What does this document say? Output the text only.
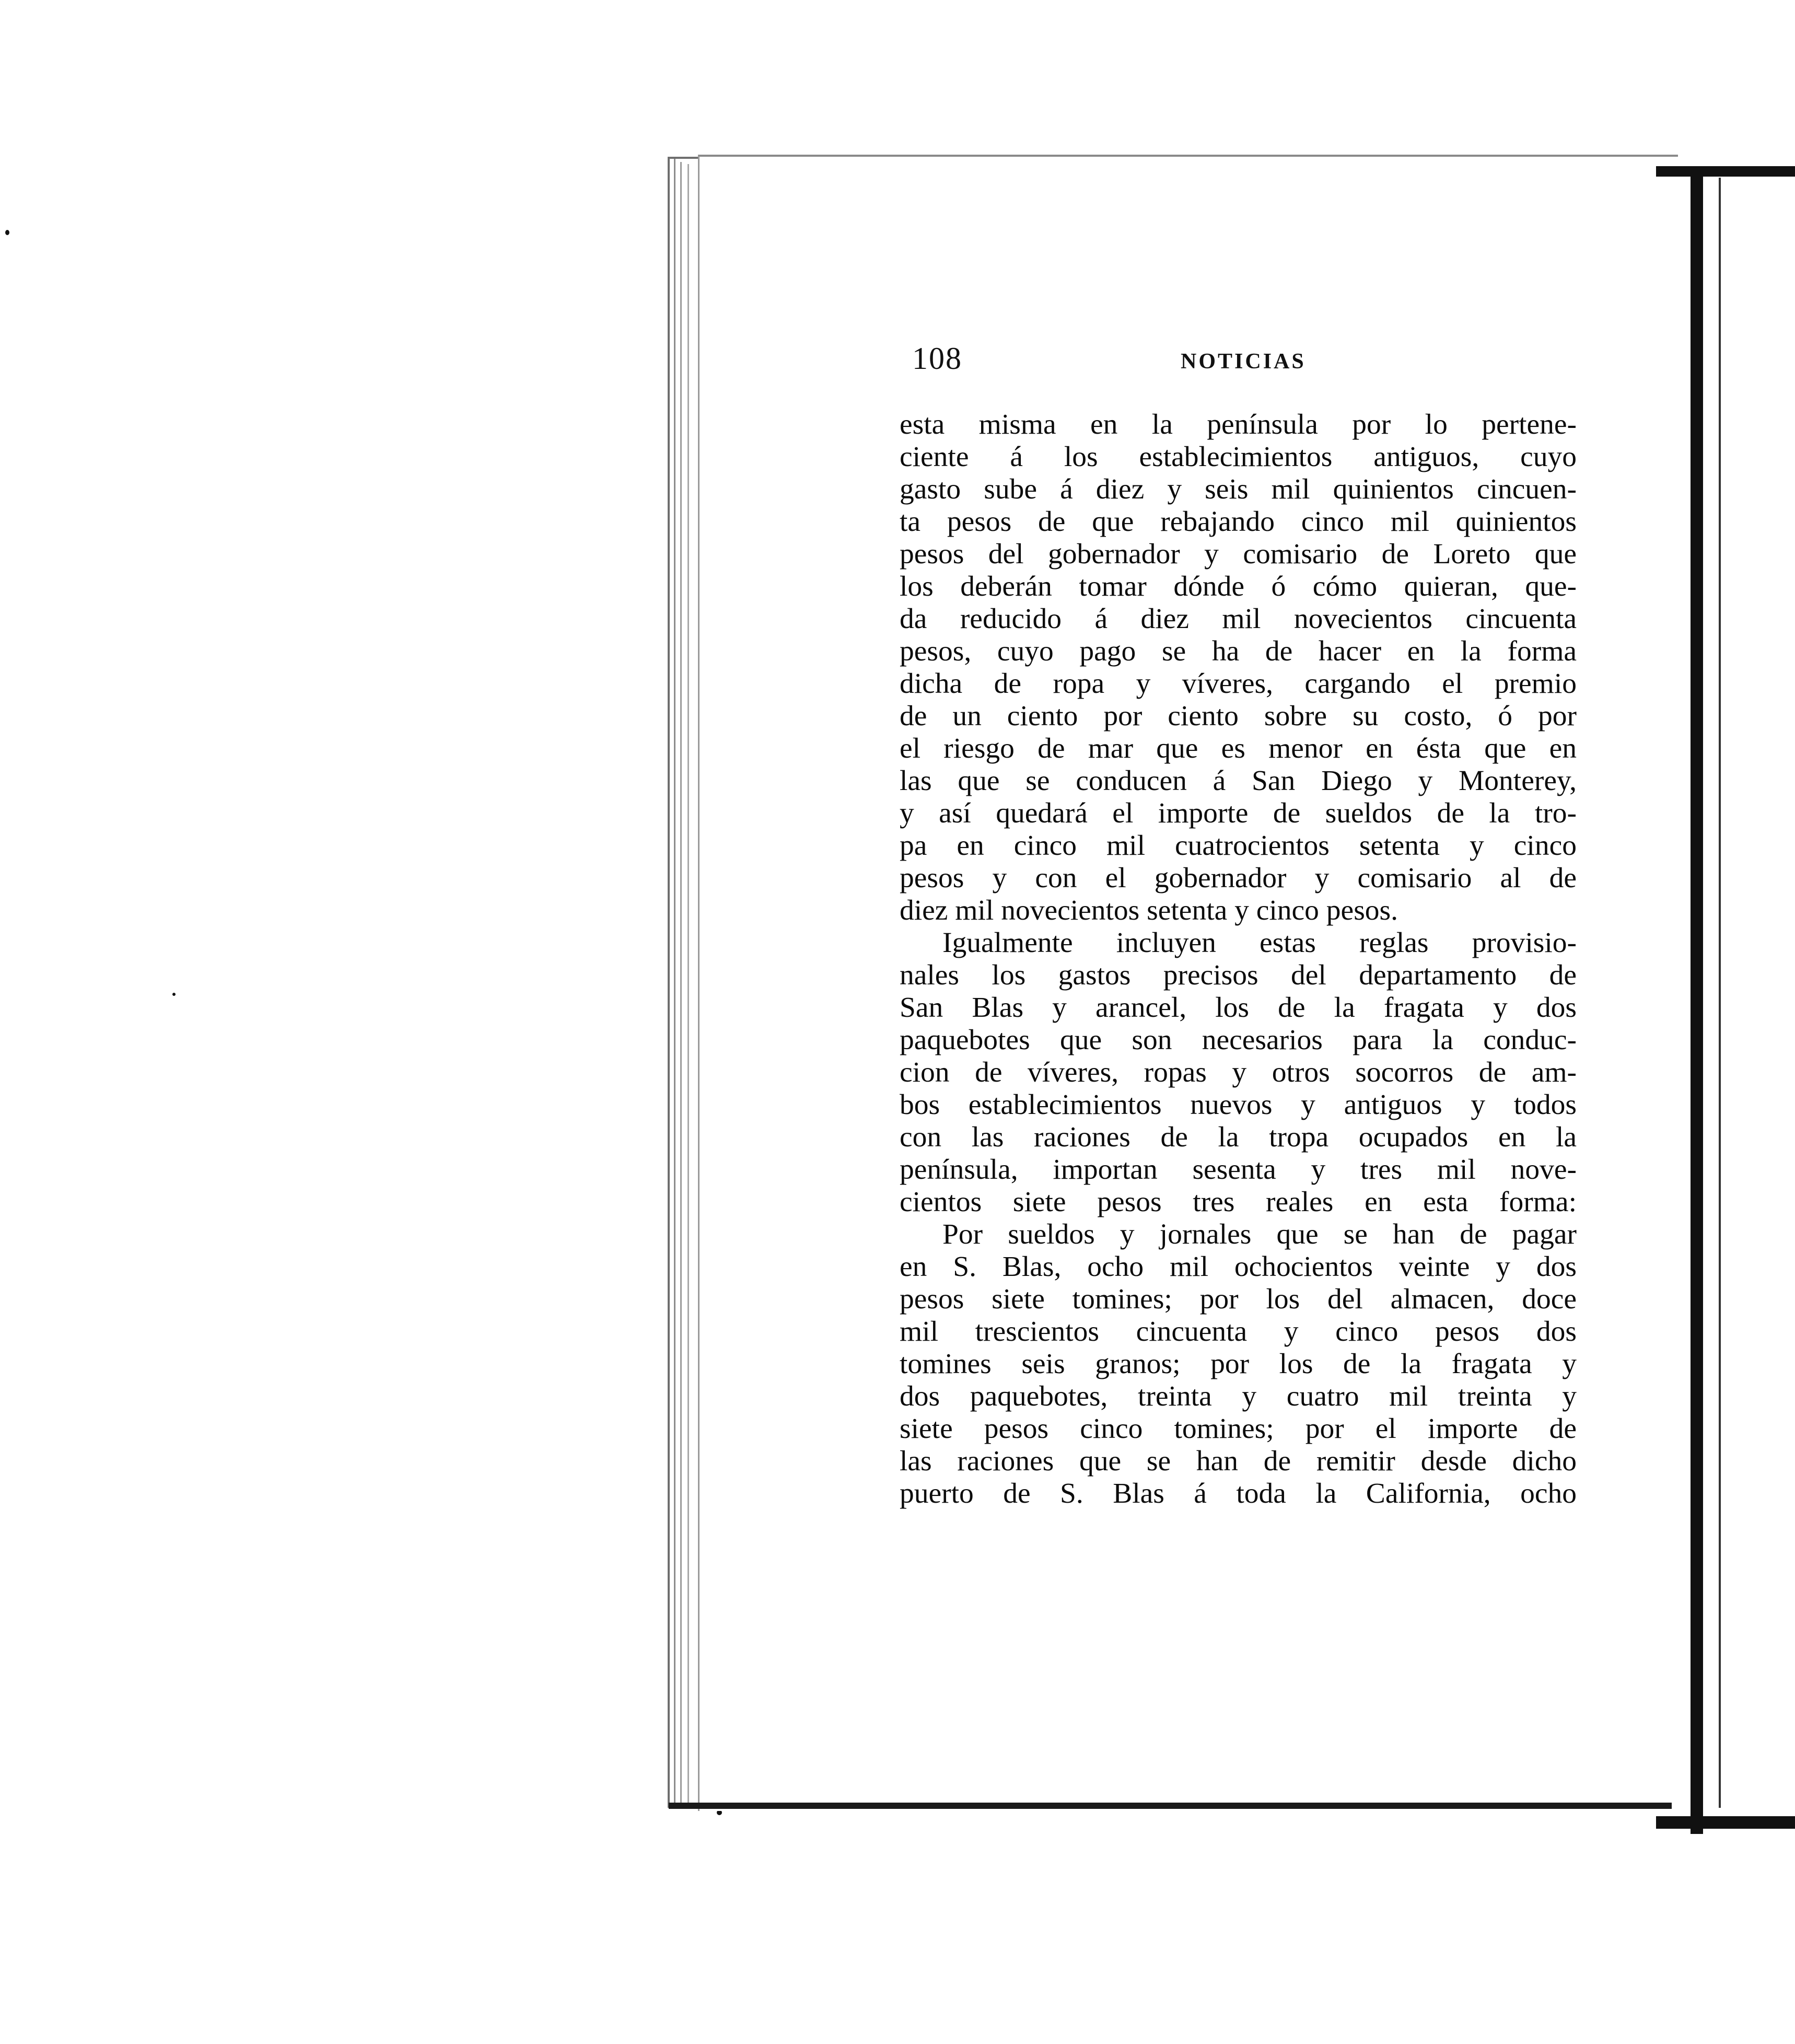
108	NOTICIAS
esta misma en la península por lo pertene-
ciente á los establecimientos antiguos, cuyo
gasto sube á diez y seis mil quinientos cincuen-
ta pesos de que rebajando cinco mil quinientos
pesos del gobernador y comisario de Loreto que
los deberán tomar dónde ó cómo quieran, que-
da reducido á diez mil novecientos cincuenta
pesos, cuyo pago se ha de hacer en la forma
dicha de ropa y víveres, cargando el premio
de un ciento por ciento sobre su costo, ó por
el riesgo de mar que es menor en ésta que en
las que se conducen á San Diego y Monterey,
y así quedará el importe de sueldos de la tro-
pa en cinco mil cuatrocientos setenta y cinco
pesos y con el gobernador y comisario al de
diez mil novecientos setenta y cinco pesos.
Igualmente incluyen estas reglas provisio-
nales los gastos precisos del departamento de
San Blas y arancel, los de la fragata y dos
paquebotes que son necesarios para la conduc-
cion de víveres, ropas y otros socorros de am-
bos establecimientos nuevos y antiguos y todos
con las raciones de la tropa ocupados en la
península, importan sesenta y tres mil nove-
cientos siete pesos tres reales en esta forma:
Por sueldos y jornales que se han de pagar
en S. Blas, ocho mil ochocientos veinte y dos
pesos siete tomines; por los del almacen, doce
mil trescientos cincuenta y cinco pesos dos
tomines seis granos; por los de la fragata y
dos paquebotes, treinta y cuatro mil treinta y
siete pesos cinco tomines; por el importe de
las raciones que se han de remitir desde dicho
puerto de S. Blas á toda la California, ocho
